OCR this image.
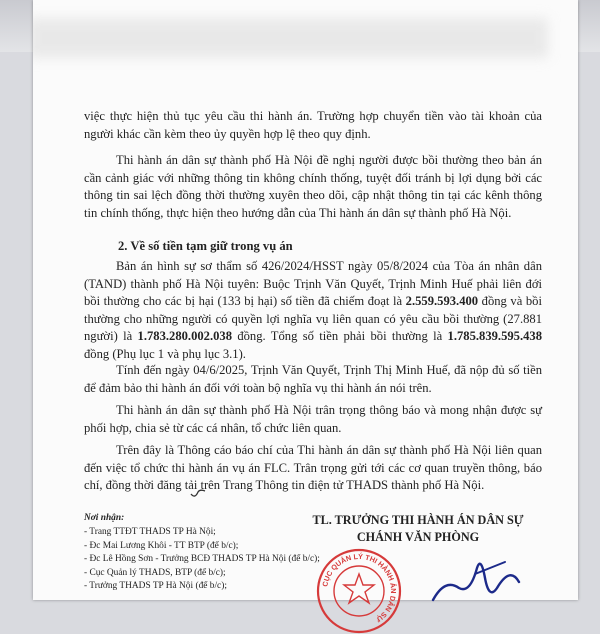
việc thực hiện thủ tục yêu cầu thi hành án. Trường hợp chuyển tiền vào tài khoản của người khác cần kèm theo ủy quyền hợp lệ theo quy định.

Thi hành án dân sự thành phố Hà Nội đề nghị người được bồi thường theo bản án cần cảnh giác với những thông tin không chính thống, tuyệt đối tránh bị lợi dụng bởi các thông tin sai lệch đồng thời thường xuyên theo dõi, cập nhật thông tin tại các kênh thông tin chính thống, thực hiện theo hướng dẫn của Thi hành án dân sự thành phố Hà Nội.

2. Về số tiền tạm giữ trong vụ án

Bản án hình sự sơ thẩm số 426/2024/HSST ngày 05/8/2024 của Tòa án nhân dân (TAND) thành phố Hà Nội tuyên: Buộc Trịnh Văn Quyết, Trịnh Minh Huế phải liên đới bồi thường cho các bị hại (133 bị hại) số tiền đã chiếm đoạt là 2.559.593.400 đồng và bồi thường cho những người có quyền lợi nghĩa vụ liên quan có yêu cầu bồi thường (27.881 người) là 1.783.280.002.038 đồng. Tổng số tiền phải bồi thường là 1.785.839.595.438 đồng (Phụ lục 1 và phụ lục 3.1).

Tính đến ngày 04/6/2025, Trịnh Văn Quyết, Trịnh Thị Minh Huế, đã nộp đủ số tiền để đảm bảo thi hành án đối với toàn bộ nghĩa vụ thi hành án nói trên.

Thi hành án dân sự thành phố Hà Nội trân trọng thông báo và mong nhận được sự phối hợp, chia sẻ từ các cá nhân, tổ chức liên quan.

Trên đây là Thông cáo báo chí của Thi hành án dân sự thành phố Hà Nội liên quan đến việc tổ chức thi hành án vụ án FLC. Trân trọng gửi tới các cơ quan truyền thông, báo chí, đồng thời đăng tải trên Trang Thông tin điện tử THADS thành phố Hà Nội.

Nơi nhận:
- Trang TTĐT THADS TP Hà Nội;
- Đc Mai Lương Khôi - TT BTP (để b/c);
- Đc Lê Hồng Sơn - Trưởng BCĐ THADS TP Hà Nội (để b/c);
- Cục Quản lý THADS, BTP (để b/c);
- Trưởng THADS TP Hà Nội (để b/c);
TL. TRƯỞNG THI HÀNH ÁN DÂN SỰ
CHÁNH VĂN PHÒNG
CỤC QUẢN LÝ THI HÀNH ÁN DÂN SỰ
